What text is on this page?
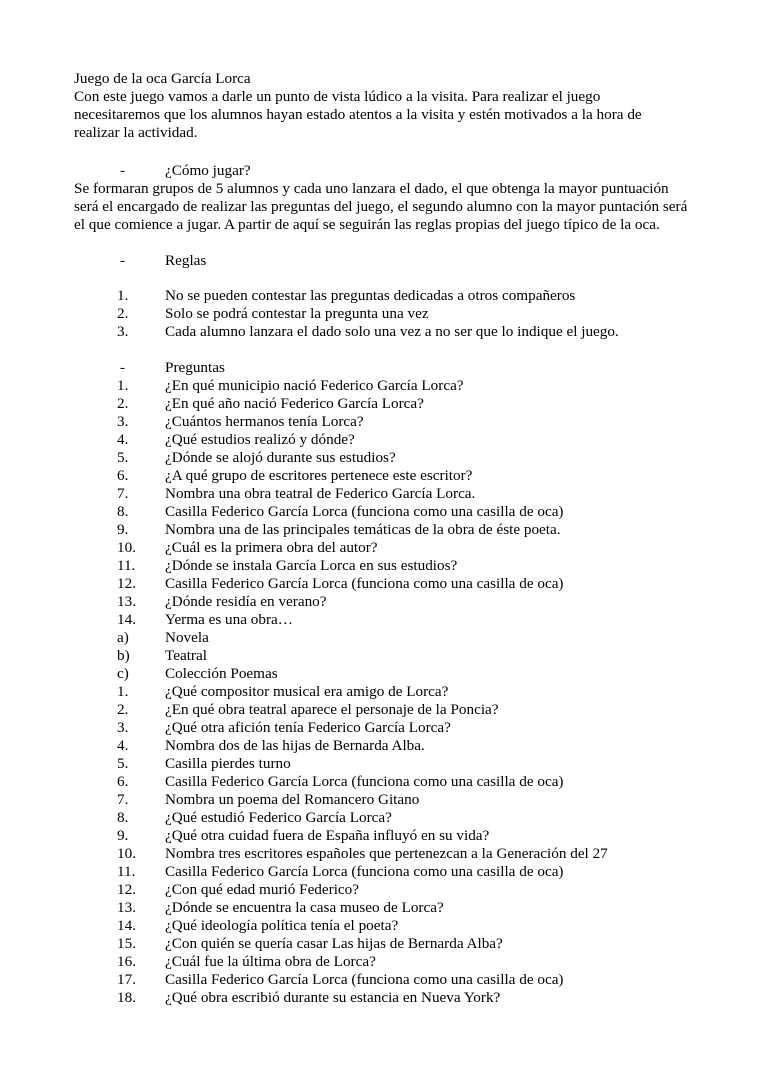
Juego de la oca García Lorca

Con este juego vamos a darle un punto de vista lúdico a la visita. Para realizar el juego necesitaremos que los alumnos hayan estado atentos a la visita y estén motivados a la hora de realizar la actividad.

-	¿Cómo jugar?

Se formaran grupos de 5 alumnos y cada uno lanzara el dado, el que obtenga la mayor puntuación será el encargado de realizar las preguntas del juego, el segundo alumno con la mayor puntación será el que comience a jugar. A partir de aquí se seguirán las reglas propias del juego típico de la oca.

-	Reglas
1. No se pueden contestar las preguntas dedicadas a otros compañeros
2. Solo se podrá contestar la pregunta una vez
3. Cada alumno lanzara el dado solo una vez a no ser que lo indique el juego.
-	Preguntas
1. ¿En qué municipio nació Federico García Lorca?
2. ¿En qué año nació Federico García Lorca?
3. ¿Cuántos hermanos tenía Lorca?
4. ¿Qué estudios realizó y dónde?
5. ¿Dónde se alojó durante sus estudios?
6. ¿A qué grupo de escritores pertenece este escritor?
7. Nombra una obra teatral de Federico García Lorca.
8. Casilla Federico García Lorca (funciona como una casilla de oca)
9. Nombra una de las principales temáticas de la obra de éste poeta.
10. ¿Cuál es la primera obra del autor?
11. ¿Dónde se instala García Lorca en sus estudios?
12. Casilla Federico García Lorca (funciona como una casilla de oca)
13. ¿Dónde residía en verano?
14. Yerma es una obra…
a) Novela
b) Teatral
c) Colección Poemas
1. ¿Qué compositor musical era amigo de Lorca?
2. ¿En qué obra teatral aparece el personaje de la Poncia?
3. ¿Qué otra afición tenía Federico García Lorca?
4. Nombra dos de las hijas de Bernarda Alba.
5. Casilla pierdes turno
6. Casilla Federico García Lorca (funciona como una casilla de oca)
7. Nombra un poema del Romancero Gitano
8. ¿Qué estudió Federico García Lorca?
9. ¿Qué otra cuidad fuera de España influyó en su vida?
10. Nombra tres escritores españoles que pertenezcan a la Generación del 27
11. Casilla Federico García Lorca (funciona como una casilla de oca)
12. ¿Con qué edad murió Federico?
13. ¿Dónde se encuentra la casa museo de Lorca?
14. ¿Qué ideología política tenía el poeta?
15. ¿Con quién se quería casar Las hijas de Bernarda Alba?
16. ¿Cuál fue la última obra de Lorca?
17. Casilla Federico García Lorca (funciona como una casilla de oca)
18. ¿Qué obra escribió durante su estancia en Nueva York?
